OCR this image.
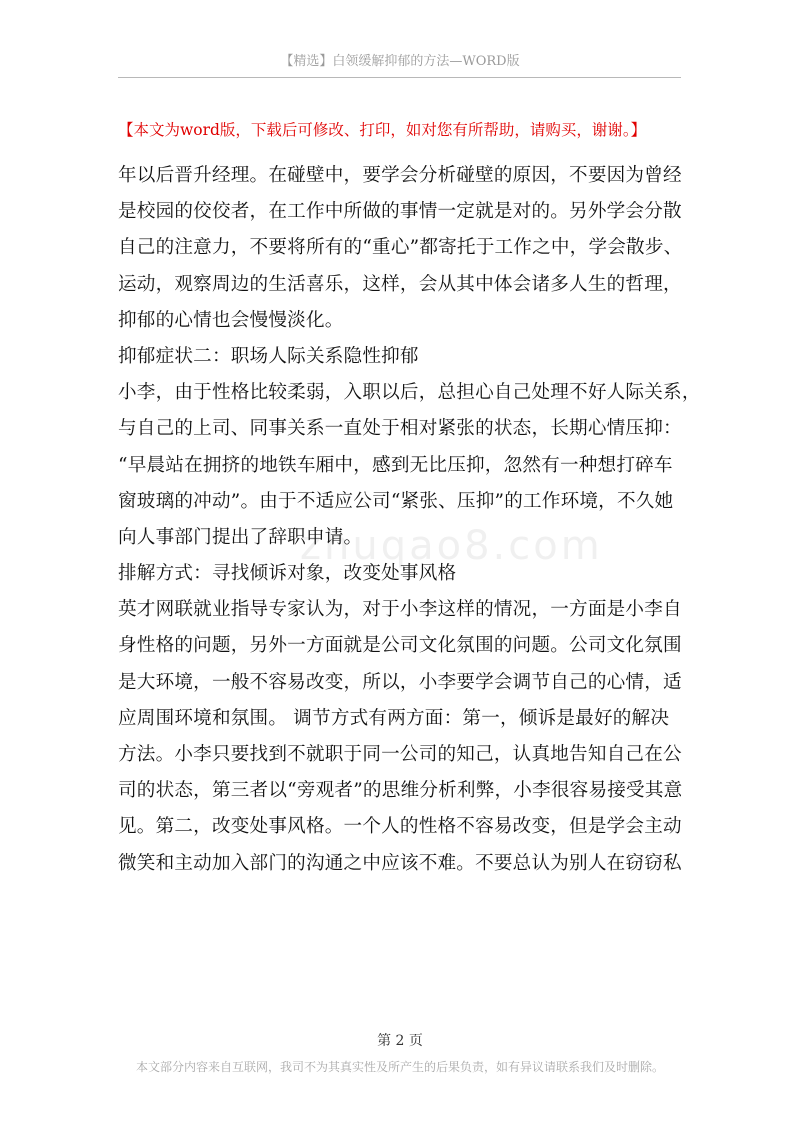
【精选】白领缓解抑郁的方法—WORD版
【本文为word版，下载后可修改、打印，如对您有所帮助，请购买，谢谢。】
zhuqao8.com
年以后晋升经理。在碰壁中，要学会分析碰壁的原因，不要因为曾经
是校园的佼佼者，在工作中所做的事情一定就是对的。另外学会分散
自己的注意力，不要将所有的“重心”都寄托于工作之中，学会散步、
运动，观察周边的生活喜乐，这样，会从其中体会诸多人生的哲理，
抑郁的心情也会慢慢淡化。
抑郁症状二：职场人际关系隐性抑郁
小李，由于性格比较柔弱，入职以后，总担心自己处理不好人际关系，
与自己的上司、同事关系一直处于相对紧张的状态，长期心情压抑：
“早晨站在拥挤的地铁车厢中，感到无比压抑，忽然有一种想打碎车
窗玻璃的冲动”。由于不适应公司“紧张、压抑”的工作环境，不久她
向人事部门提出了辞职申请。
排解方式：寻找倾诉对象，改变处事风格
英才网联就业指导专家认为，对于小李这样的情况，一方面是小李自
身性格的问题，另外一方面就是公司文化氛围的问题。公司文化氛围
是大环境，一般不容易改变，所以，小李要学会调节自己的心情，适
应周围环境和氛围。 调节方式有两方面：第一，倾诉是最好的解决
方法。小李只要找到不就职于同一公司的知己，认真地告知自己在公
司的状态，第三者以“旁观者”的思维分析利弊，小李很容易接受其意
见。第二，改变处事风格。一个人的性格不容易改变，但是学会主动
微笑和主动加入部门的沟通之中应该不难。不要总认为别人在窃窃私
第 2 页
本文部分内容来自互联网，我司不为其真实性及所产生的后果负责，如有异议请联系我们及时删除。
